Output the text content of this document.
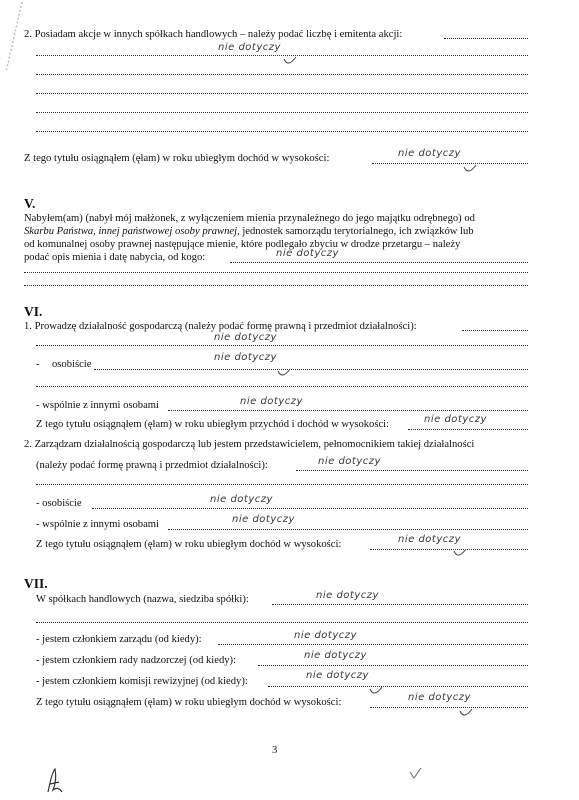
2. Posiadam akcje w innych spółkach handlowych – należy podać liczbę i emitenta akcji:
nie dotyczy
Z tego tytułu osiągnąłem (ęłam) w roku ubiegłym dochód w wysokości:	nie dotyczy
V.
Nabyłem(am) (nabył mój małżonek, z wyłączeniem mienia przynależnego do jego majątku odrębnego) od
Skarbu Państwa, innej państwowej osoby prawnej, jednostek samorządu terytorialnego, ich związków lub
od komunalnej osoby prawnej następujące mienie, które podlegało zbyciu w drodze przetargu – należy
podać opis mienia i datę nabycia, od kogo:	nie dotyczy
VI.
1. Prowadzę działalność gospodarczą (należy podać formę prawną i przedmiot działalności):
nie dotyczy
- osobiście
nie dotyczy
- wspólnie z innymi osobami	nie dotyczy
Z tego tytułu osiągnąłem (ęłam) w roku ubiegłym przychód i dochód w wysokości:	nie dotyczy
2. Zarządzam działalnością gospodarczą lub jestem przedstawicielem, pełnomocnikiem takiej działalności
(należy podać formę prawną i przedmiot działalności):	nie dotyczy
- osobiście	nie dotyczy
- wspólnie z innymi osobami	nie dotyczy
Z tego tytułu osiągnąłem (ęłam) w roku ubiegłym dochód w wysokości:	nie dotyczy
VII.
W spółkach handlowych (nazwa, siedziba spółki):	nie dotyczy
- jestem członkiem zarządu (od kiedy):	nie dotyczy
- jestem członkiem rady nadzorczej (od kiedy):	nie dotyczy
- jestem członkiem komisji rewizyjnej (od kiedy):
nie dotyczy
Z tego tytułu osiągnąłem (ęłam) w roku ubiegłym dochód w wysokości:	nie dotyczy
3
